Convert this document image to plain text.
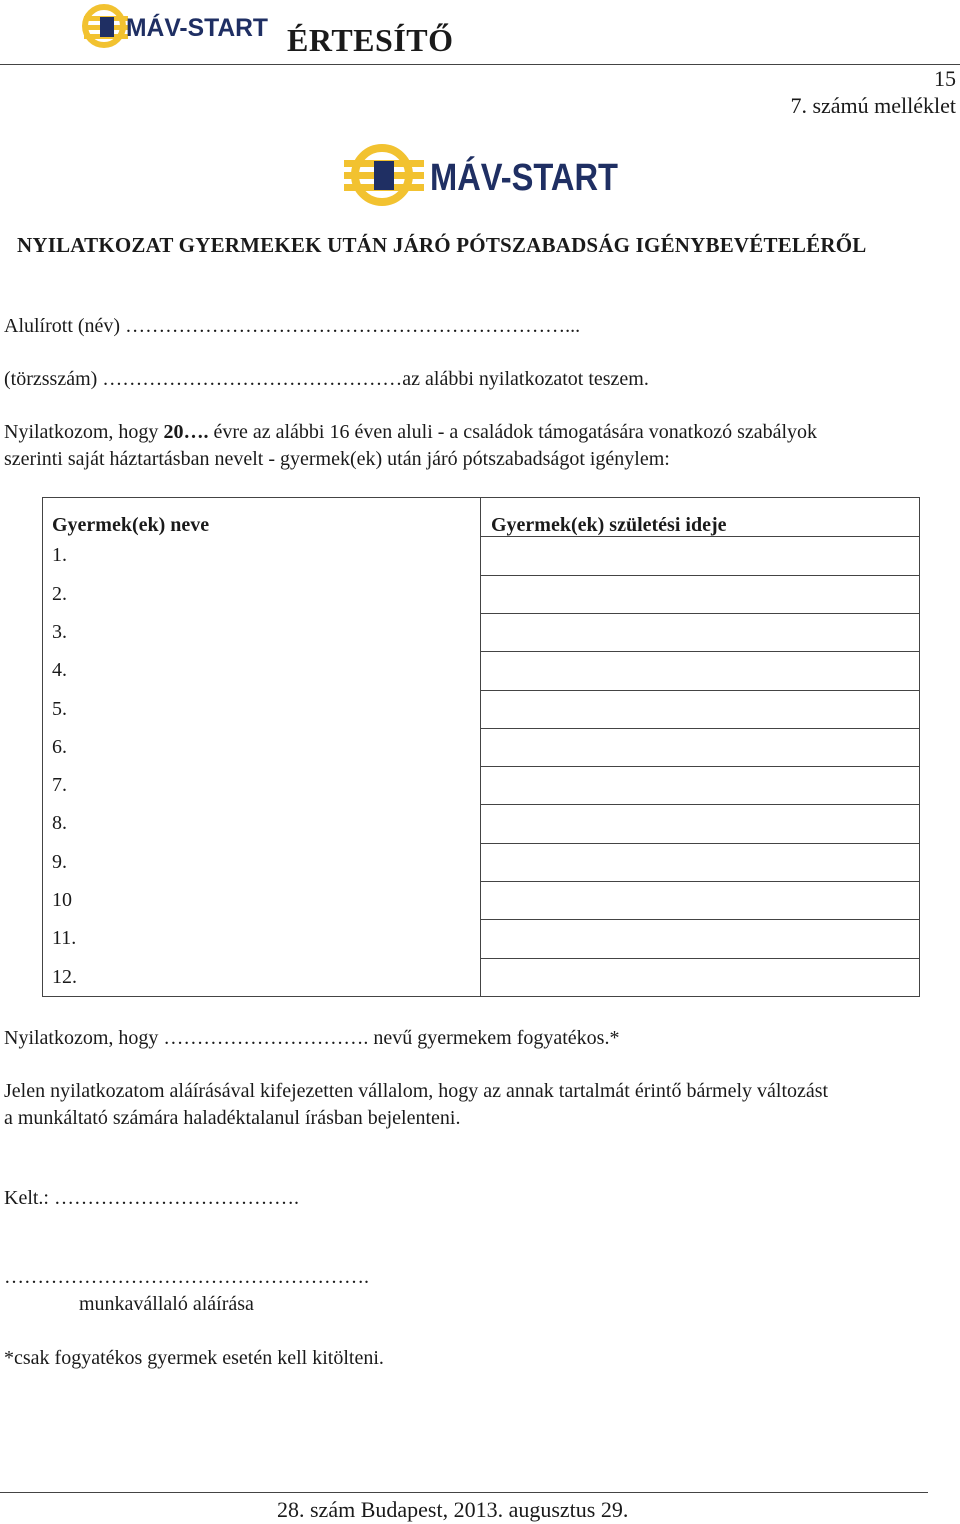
MÁV-START ÉRTESÍTŐ
15
7. számú melléklet
MÁV-START
NYILATKOZAT GYERMEKEK UTÁN JÁRÓ PÓTSZABADSÁG IGÉNYBEVÉTELÉRŐL
Alulírott (név) …………………………………………………………...
(törzsszám) ………………………………………az alábbi nyilatkozatot teszem.
Nyilatkozom, hogy 20…. évre az alábbi 16 éven aluli - a családok támogatására vonatkozó szabályok
szerinti saját háztartásban nevelt - gyermek(ek) után járó pótszabadságot igénylem:
Gyermek(ek) neve	Gyermek(ek) születési ideje
1.
2.
3.
4.
5.
6.
7.
8.
9.
10
11.
12.
Nyilatkozom, hogy …………………………. nevű gyermekem fogyatékos.*
Jelen nyilatkozatom aláírásával kifejezetten vállalom, hogy az annak tartalmát érintő bármely változást
a munkáltató számára haladéktalanul írásban bejelenteni.
Kelt.: ……………………………….
……………………………………………….
munkavállaló aláírása
*csak fogyatékos gyermek esetén kell kitölteni.
28. szám Budapest, 2013. augusztus 29.
